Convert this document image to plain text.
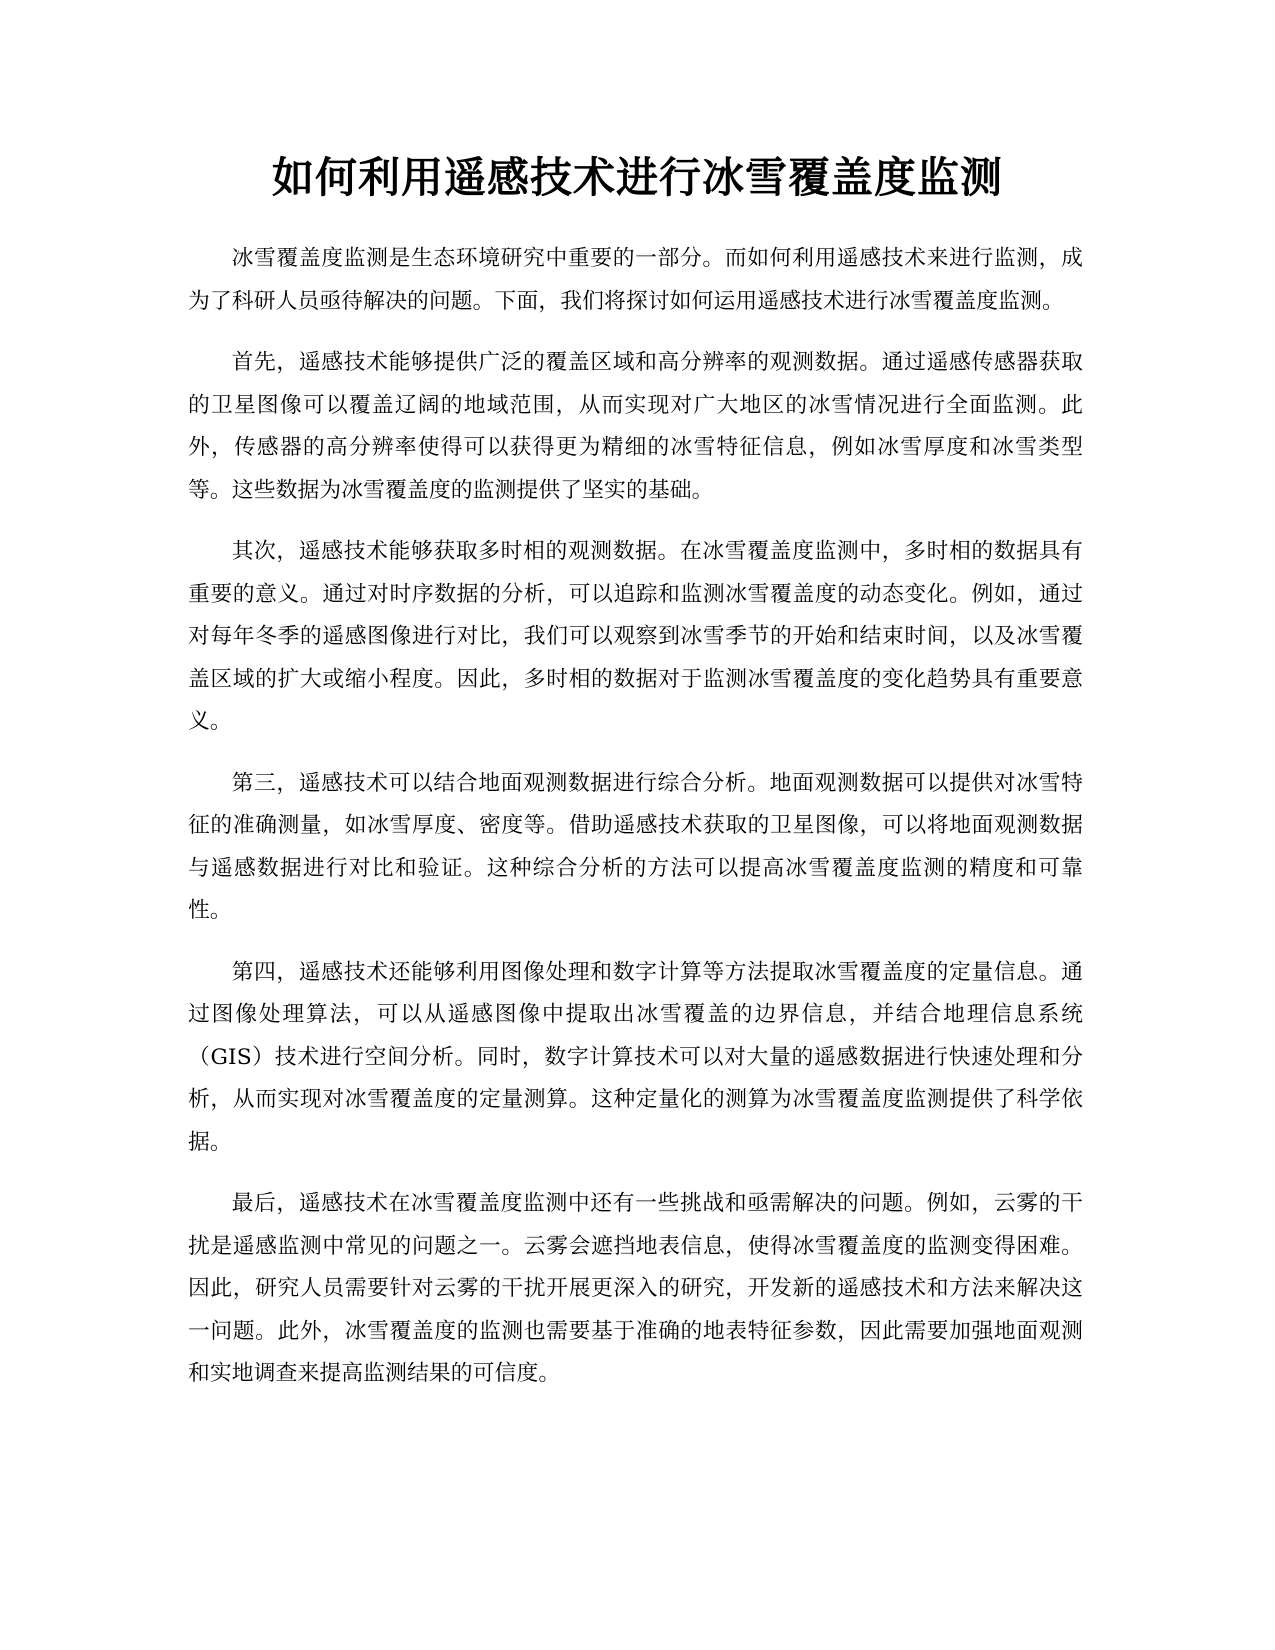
如何利用遥感技术进行冰雪覆盖度监测

冰雪覆盖度监测是生态环境研究中重要的一部分。而如何利用遥感技术来进行监测，成为了科研人员亟待解决的问题。下面，我们将探讨如何运用遥感技术进行冰雪覆盖度监测。

首先，遥感技术能够提供广泛的覆盖区域和高分辨率的观测数据。通过遥感传感器获取的卫星图像可以覆盖辽阔的地域范围，从而实现对广大地区的冰雪情况进行全面监测。此外，传感器的高分辨率使得可以获得更为精细的冰雪特征信息，例如冰雪厚度和冰雪类型等。这些数据为冰雪覆盖度的监测提供了坚实的基础。

其次，遥感技术能够获取多时相的观测数据。在冰雪覆盖度监测中，多时相的数据具有重要的意义。通过对时序数据的分析，可以追踪和监测冰雪覆盖度的动态变化。例如，通过对每年冬季的遥感图像进行对比，我们可以观察到冰雪季节的开始和结束时间，以及冰雪覆盖区域的扩大或缩小程度。因此，多时相的数据对于监测冰雪覆盖度的变化趋势具有重要意义。

第三，遥感技术可以结合地面观测数据进行综合分析。地面观测数据可以提供对冰雪特征的准确测量，如冰雪厚度、密度等。借助遥感技术获取的卫星图像，可以将地面观测数据与遥感数据进行对比和验证。这种综合分析的方法可以提高冰雪覆盖度监测的精度和可靠性。

第四，遥感技术还能够利用图像处理和数字计算等方法提取冰雪覆盖度的定量信息。通过图像处理算法，可以从遥感图像中提取出冰雪覆盖的边界信息，并结合地理信息系统（GIS）技术进行空间分析。同时，数字计算技术可以对大量的遥感数据进行快速处理和分析，从而实现对冰雪覆盖度的定量测算。这种定量化的测算为冰雪覆盖度监测提供了科学依据。

最后，遥感技术在冰雪覆盖度监测中还有一些挑战和亟需解决的问题。例如，云雾的干扰是遥感监测中常见的问题之一。云雾会遮挡地表信息，使得冰雪覆盖度的监测变得困难。因此，研究人员需要针对云雾的干扰开展更深入的研究，开发新的遥感技术和方法来解决这一问题。此外，冰雪覆盖度的监测也需要基于准确的地表特征参数，因此需要加强地面观测和实地调查来提高监测结果的可信度。
